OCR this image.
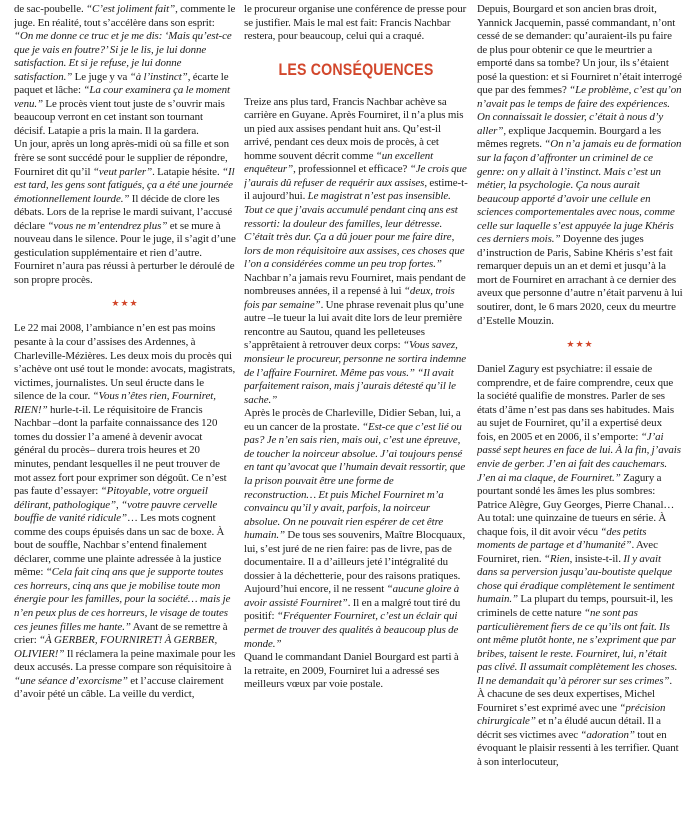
de sac-poubelle. “C’est joliment fait”, commente le juge. En réalité, tout s’accélère dans son esprit: “On me donne ce truc et je me dis: ‘Mais qu’est-ce que je vais en foutre?’ Si je le lis, je lui donne satisfaction. Et si je refuse, je lui donne satisfaction.” Le juge y va “à l’instinct”, écarte le paquet et lâche: “La cour examinera ça le moment venu.” Le procès vient tout juste de s’ouvrir mais beaucoup verront en cet instant son tournant décisif. Latapie a pris la main. Il la gardera.

Un jour, après un long après-midi où sa fille et son frère se sont succédé pour le supplier de répondre, Fourniret dit qu’il “veut parler”. Latapie hésite. “Il est tard, les gens sont fatigués, ça a été une journée émotionnellement lourde.” Il décide de clore les débats. Lors de la reprise le mardi suivant, l’accusé déclare “vous ne m’entendrez plus” et se mure à nouveau dans le silence. Pour le juge, il s’agit d’une gesticulation supplémentaire et rien d’autre. Fourniret n’aura pas réussi à perturber le déroulé de son propre procès.

★★★

Le 22 mai 2008, l’ambiance n’en est pas moins pesante à la cour d’assises des Ardennes, à Charleville-Mézières. Les deux mois du procès qui s’achève ont usé tout le monde: avocats, magistrats, victimes, journalistes. Un seul éructe dans le silence de la cour. “Vous n’êtes rien, Fourniret, RIEN!” hurle-t-il. Le réquisitoire de Francis Nachbar –dont la parfaite connaissance des 120 tomes du dossier l’a amené à devenir avocat général du procès– durera trois heures et 20 minutes, pendant lesquelles il ne peut trouver de mot assez fort pour exprimer son dégoût. Ce n’est pas faute d’essayer: “Pitoyable, votre orgueil délirant, pathologique”, “votre pauvre cervelle bouffie de vanité ridicule”… Les mots cognent comme des coups épuisés dans un sac de boxe. À bout de souffle, Nachbar s’entend finalement déclarer, comme une plainte adressée à la justice même: “Cela fait cinq ans que je supporte toutes ces horreurs, cinq ans que je mobilise toute mon énergie pour les familles, pour la société… mais je n’en peux plus de ces horreurs, le visage de toutes ces jeunes filles me hante.” Avant de se remettre à crier: “À GERBER, FOURNIRET! À GERBER, OLIVIER!” Il réclamera la peine maximale pour les deux accusés. La presse compare son réquisitoire à “une séance d’exorcisme” et l’accuse clairement d’avoir pété un câble. La veille du verdict,

le procureur organise une conférence de presse pour se justifier. Mais le mal est fait: Francis Nachbar restera, pour beaucoup, celui qui a craqué.

LES CONSÉQUENCES

Treize ans plus tard, Francis Nachbar achève sa carrière en Guyane. Après Fourniret, il n’a plus mis un pied aux assises pendant huit ans. Qu’est-il arrivé, pendant ces deux mois de procès, à cet homme souvent décrit comme “un excellent enquêteur”, professionnel et efficace? “Je crois que j’aurais dû refuser de requérir aux assises, estime-t-il aujourd’hui. Le magistrat n’est pas insensible. Tout ce que j’avais accumulé pendant cinq ans est ressorti: la douleur des familles, leur détresse. C’était très dur. Ça a dû jouer pour me faire dire, lors de mon réquisitoire aux assises, ces choses que l’on a considérées comme un peu trop fortes.” Nachbar n’a jamais revu Fourniret, mais pendant de nombreuses années, il a repensé à lui “deux, trois fois par semaine”. Une phrase revenait plus qu’une autre –le tueur la lui avait dite lors de leur première rencontre au Sautou, quand les pelleteuses s’apprêtaient à retrouver deux corps: “Vous savez, monsieur le procureur, personne ne sortira indemne de l’affaire Fourniret. Même pas vous.” “Il avait parfaitement raison, mais j’aurais détesté qu’il le sache.”

Après le procès de Charleville, Didier Seban, lui, a eu un cancer de la prostate. “Est-ce que c’est lié ou pas? Je n’en sais rien, mais oui, c’est une épreuve, de toucher la noirceur absolue. J’ai toujours pensé en tant qu’avocat que l’humain devait ressortir, que la prison pouvait être une forme de reconstruction… Et puis Michel Fourniret m’a convaincu qu’il y avait, parfois, la noirceur absolue. On ne pouvait rien espérer de cet être humain.” De tous ses souvenirs, Maître Blocquaux, lui, s’est juré de ne rien faire: pas de livre, pas de documentaire. Il a d’ailleurs jeté l’intégralité du dossier à la déchetterie, pour des raisons pratiques. Aujourd’hui encore, il ne ressent “aucune gloire à avoir assisté Fourniret”. Il en a malgré tout tiré du positif: “Fréquenter Fourniret, c’est un éclair qui permet de trouver des qualités à beaucoup plus de monde.”

Quand le commandant Daniel Bourgard est parti à la retraite, en 2009, Fourniret lui a adressé ses meilleurs vœux par voie postale.

Depuis, Bourgard et son ancien bras droit, Yannick Jacquemin, passé commandant, n’ont cessé de se demander: qu’auraient-ils pu faire de plus pour obtenir ce que le meurtrier a emporté dans sa tombe? Un jour, ils s’étaient posé la question: et si Fourniret n’était interrogé que par des femmes? “Le problème, c’est qu’on n’avait pas le temps de faire des expériences. On connaissait le dossier, c’était à nous d’y aller”, explique Jacquemin. Bourgard a les mêmes regrets. “On n’a jamais eu de formation sur la façon d’affronter un criminel de ce genre: on y allait à l’instinct. Mais c’est un métier, la psychologie. Ça nous aurait beaucoup apporté d’avoir une cellule en sciences comportementales avec nous, comme celle sur laquelle s’est appuyée la juge Khéris ces derniers mois.” Doyenne des juges d’instruction de Paris, Sabine Khéris s’est fait remarquer depuis un an et demi et jusqu’à la mort de Fourniret en arrachant à ce dernier des aveux que personne d’autre n’était parvenu à lui soutirer, dont, le 6 mars 2020, ceux du meurtre d’Estelle Mouzin.

★★★

Daniel Zagury est psychiatre: il essaie de comprendre, et de faire comprendre, ceux que la société qualifie de monstres. Parler de ses états d’âme n’est pas dans ses habitudes. Mais au sujet de Fourniret, qu’il a expertisé deux fois, en 2005 et en 2006, il s’emporte: “J’ai passé sept heures en face de lui. À la fin, j’avais envie de gerber. J’en ai fait des cauchemars. J’en ai ma claque, de Fourniret.” Zagury a pourtant sondé les âmes les plus sombres: Patrice Alègre, Guy Georges, Pierre Chanal… Au total: une quinzaine de tueurs en série. À chaque fois, il dit avoir vécu “des petits moments de partage et d’humanité”. Avec Fourniret, rien. “Rien, insiste-t-il. Il y avait dans sa perversion jusqu’au-boutiste quelque chose qui éradique complètement le sentiment humain.” La plupart du temps, poursuit-il, les criminels de cette nature “ne sont pas particulièrement fiers de ce qu’ils ont fait. Ils ont même plutôt honte, ne s’expriment que par bribes, taisent le reste. Fourniret, lui, n’était pas clivé. Il assumait complètement les choses. Il ne demandait qu’à pérorer sur ses crimes”.

À chacune de ses deux expertises, Michel Fourniret s’est exprimé avec une “précision chirurgicale” et n’a éludé aucun détail. Il a décrit ses victimes avec “adoration” tout en évoquant le plaisir ressenti à les terrifier. Quant à son interlocuteur,
